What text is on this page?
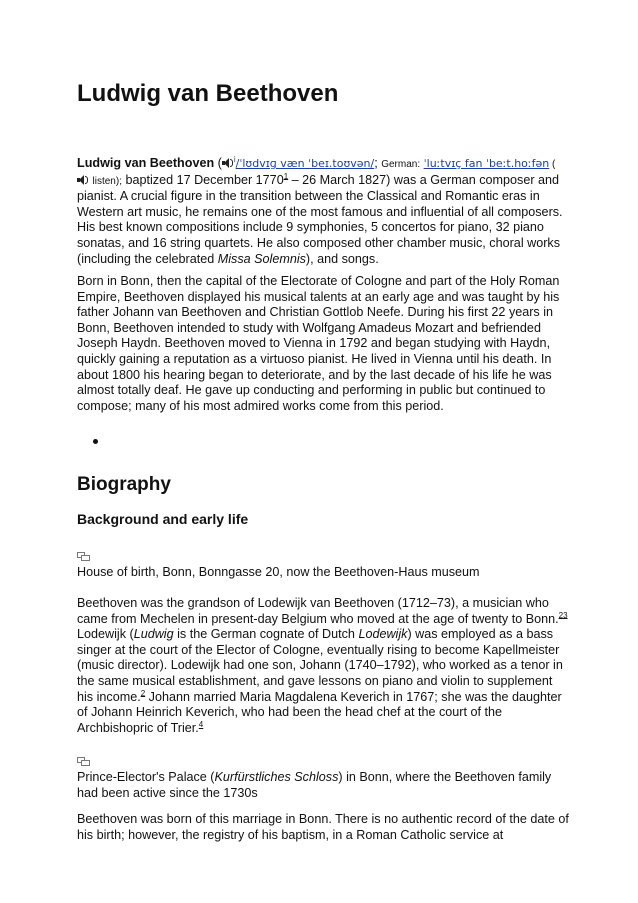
Ludwig van Beethoven

Ludwig van Beethoven ( $^i$/ˈlʊdvɪɡ væn ˈbeɪ.toʊvən/; German: ˈluːtvɪç fan ˈbeːt.hoːfən (

listen); baptized 17 December 1770$^1$ – 26 March 1827) was a German composer and pianist. A crucial figure in the transition between the Classical and Romantic eras in Western art music, he remains one of the most famous and influential of all composers. His best known compositions include 9 symphonies, 5 concertos for piano, 32 piano sonatas, and 16 string quartets. He also composed other chamber music, choral works (including the celebrated Missa Solemnis), and songs.

Born in Bonn, then the capital of the Electorate of Cologne and part of the Holy Roman Empire, Beethoven displayed his musical talents at an early age and was taught by his father Johann van Beethoven and Christian Gottlob Neefe. During his first 22 years in Bonn, Beethoven intended to study with Wolfgang Amadeus Mozart and befriended Joseph Haydn. Beethoven moved to Vienna in 1792 and began studying with Haydn, quickly gaining a reputation as a virtuoso pianist. He lived in Vienna until his death. In about 1800 his hearing began to deteriorate, and by the last decade of his life he was almost totally deaf. He gave up conducting and performing in public but continued to compose; many of his most admired works come from this period.

Biography
Background and early life

House of birth, Bonn, Bonngasse 20, now the Beethoven-Haus museum

Beethoven was the grandson of Lodewijk van Beethoven (1712–73), a musician who came from Mechelen in present-day Belgium who moved at the age of twenty to Bonn.$^{23}$ Lodewijk (Ludwig is the German cognate of Dutch Lodewijk) was employed as a bass singer at the court of the Elector of Cologne, eventually rising to become Kapellmeister (music director). Lodewijk had one son, Johann (1740–1792), who worked as a tenor in the same musical establishment, and gave lessons on piano and violin to supplement his income.$^2$ Johann married Maria Magdalena Keverich in 1767; she was the daughter of Johann Heinrich Keverich, who had been the head chef at the court of the Archbishopric of Trier.$^4$

Prince-Elector's Palace (Kurfürstliches Schloss) in Bonn, where the Beethoven family had been active since the 1730s

Beethoven was born of this marriage in Bonn. There is no authentic record of the date of his birth; however, the registry of his baptism, in a Roman Catholic service at
